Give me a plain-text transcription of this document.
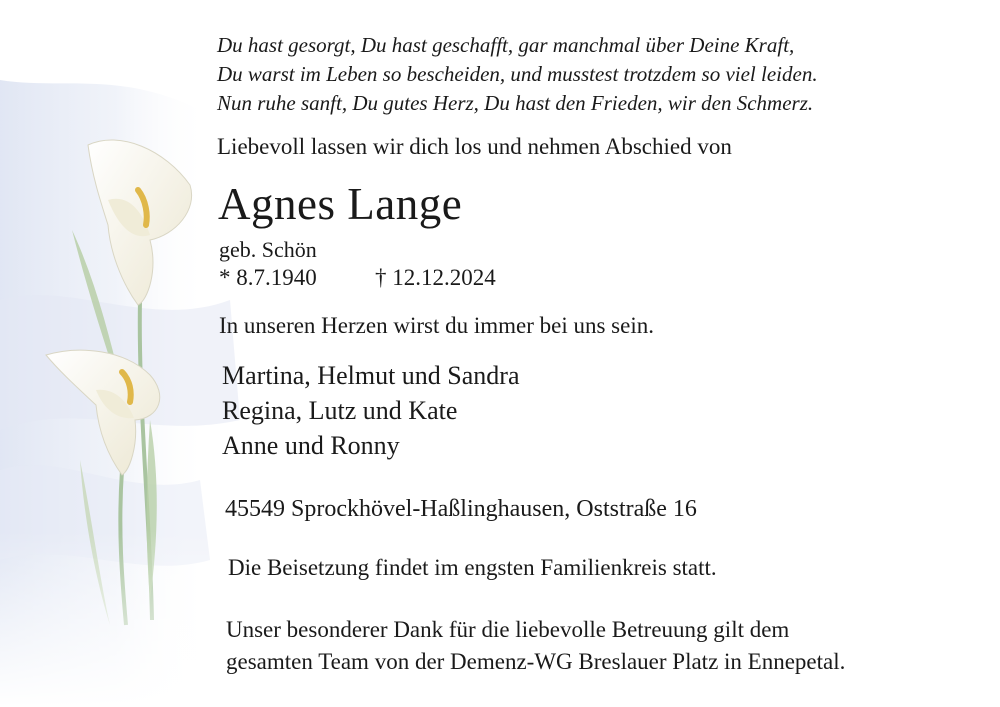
Du hast gesorgt, Du hast geschafft, gar manchmal über Deine Kraft,
Du warst im Leben so bescheiden, und musstest trotzdem so viel leiden.
Nun ruhe sanft, Du gutes Herz, Du hast den Frieden, wir den Schmerz.

Liebevoll lassen wir dich los und nehmen Abschied von

Agnes Lange

geb. Schön

* 8.7.1940	† 12.12.2024

In unseren Herzen wirst du immer bei uns sein.

Martina, Helmut und Sandra
Regina, Lutz und Kate
Anne und Ronny

45549 Sprockhövel-Haßlinghausen, Oststraße 16

Die Beisetzung findet im engsten Familienkreis statt.

Unser besonderer Dank für die liebevolle Betreuung gilt dem
gesamten Team von der Demenz-WG Breslauer Platz in Ennepetal.
